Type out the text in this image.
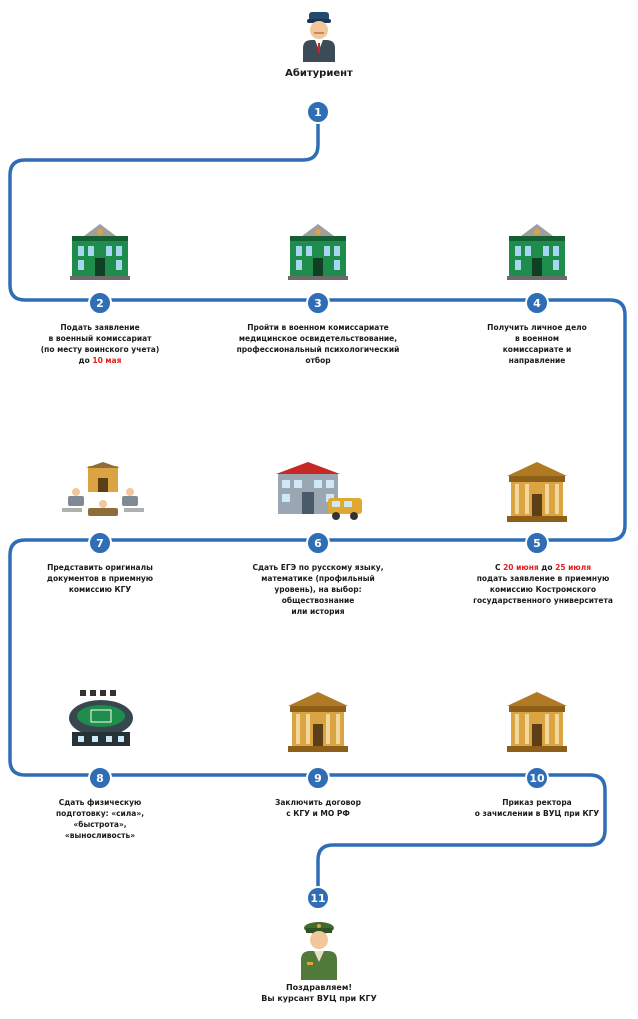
Абитуриент
1
2	3	4
5
6
7
8	9	10
11
Подать заявление
в военный комиссариат
(по месту воинского учета)
до 10 мая
Пройти в военном комиссариате
медицинское освидетельствование,
профессиональный психологический
отбор
Получить личное дело
в военном
комиссариате и
направление
Представить оригиналы
документов в приемную
комиссию КГУ
Сдать ЕГЭ по русскому языку,
математике (профильный
уровень), на выбор:
обществознание
или история
С 20 июня до 25 июля
подать заявление в приемную
комиссию Костромского
государственного университета
Сдать физическую
подготовку: «сила»,
«быстрота»,
«выносливость»
Заключить договор
с КГУ и МО РФ
Приказ ректора
о зачислении в ВУЦ при КГУ
Поздравляем!
Вы курсант ВУЦ при КГУ
